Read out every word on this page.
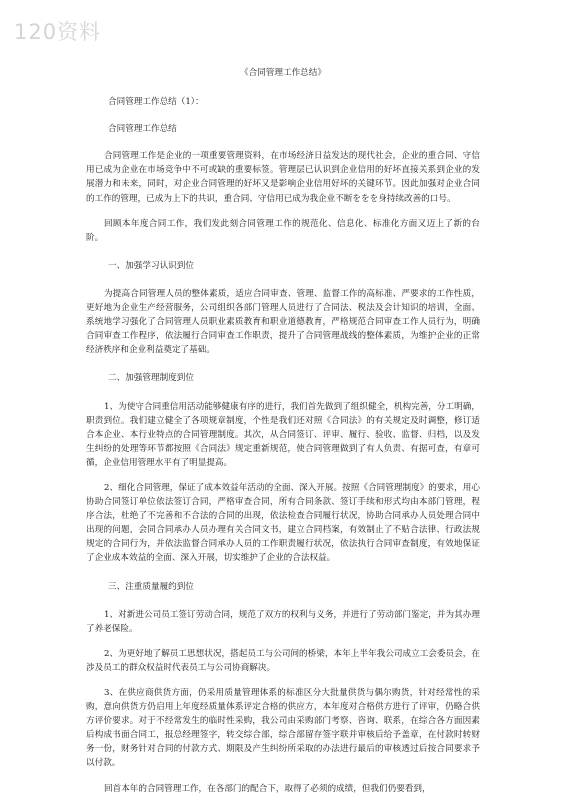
120资料
《合同管理工作总结》
合同管理工作总结（1）：
合同管理工作总结

合同管理工作是企业的一项重要管理资料，在市场经济日益发达的现代社会，企业的重合同、守信用已成为企业在市场竞争中不可或缺的重要标签。管理层已认识到企业信用的好坏直接关系到企业的发展潜力和未来，同时，对企业合同管理的好坏又是影响企业信用好坏的关键环节。因此加强对企业合同的工作的管理，已成为上下的共识，重合同、守信用已成为我企业不断ををを身持续改善的口号。

回顾本年度合同工作，我们发此刻合同管理工作的规范化、信息化、标准化方面又迈上了新的台阶。

一、加强学习认识到位

为提高合同管理人员的整体素质，适应合同审查、管理、监督工作的高标准、严要求的工作性质，更好地为企业生产经营服务，公司组织各部门管理人员进行了合同法、税法及会计知识的培训，全面、系统地学习强化了合同管理人员职业素质教育和职业道德教育，严格规范合同审查工作人员行为，明确合同审查工作程序，依法履行合同审查工作职责，提升了合同管理战线的整体素质，为维护企业的正常经济秩序和企业利益奠定了基础。

二、加强管理制度到位

1、为使守合同重信用活动能够健康有序的进行，我们首先做到了组织健全，机构完善，分工明确，职责到位。我们建立健全了各项规章制度，个性是我们还对照《合同法》的有关规定及时调整，修订适合本企业、本行业特点的合同管理制度。其次，从合同签订、评审、履行、验收、监督、归档，以及发生纠纷的处理等环节都按照《合同法》规定重新规范，使合同管理做到了有人负责、有据可查，有章可循，企业信用管理水平有了明显提高。

2、细化合同管理，保证了成本效益年活动的全面、深入开展。按照《合同管理制度》的要求，用心协助合同签订单位依法签订合同，严格审查合同，所有合同条款、签订手续和形式均由本部门管理，程序合法，杜绝了不完善和不合法的合同的出现，依法检查合同履行状况，协助合同承办人员处理合同中出现的问题，会同合同承办人员办理有关合同文书，建立合同档案，有效制止了不贴合法律、行政法规规定的合同行为，并依法监督合同承办人员的工作职责履行状况，依法执行合同审查制度，有效地保证了企业成本效益的全面、深入开展，切实维护了企业的合法权益。

三、注重质量履约到位

1、对新进公司员工签订劳动合同，规范了双方的权利与义务，并进行了劳动部门鉴定，并为其办理了养老保险。

2、为更好地了解员工思想状况，搭起员工与公司间的桥梁，本年上半年我公司成立工会委员会，在涉及员工的群众权益时代表员工与公司协商解决。

3、在供应商供货方面，仍采用质量管理体系的标准区分大批量供货与偶尔购货，针对经常性的采购，意向供货方仍启用上年度经质量体系评定合格的供应方，本年度对合格供方进行了评审，仍略合供方评价要求。对于不经常发生的临时性采购，我公司由采购部门考察、咨询、联系，在综合各方面因素后构成书面合同工，报总经理签字，转交综合部，综合部留存签字联并审核后给予盖章，在付款时转财务一份，财务针对合同的付款方式、期限及产生纠纷所采取的办法进行最后的审核透过后按合同要求予以付款。

回首本年的合同管理工作，在各部门的配合下，取得了必须的成绩，但我们仍要看到，
